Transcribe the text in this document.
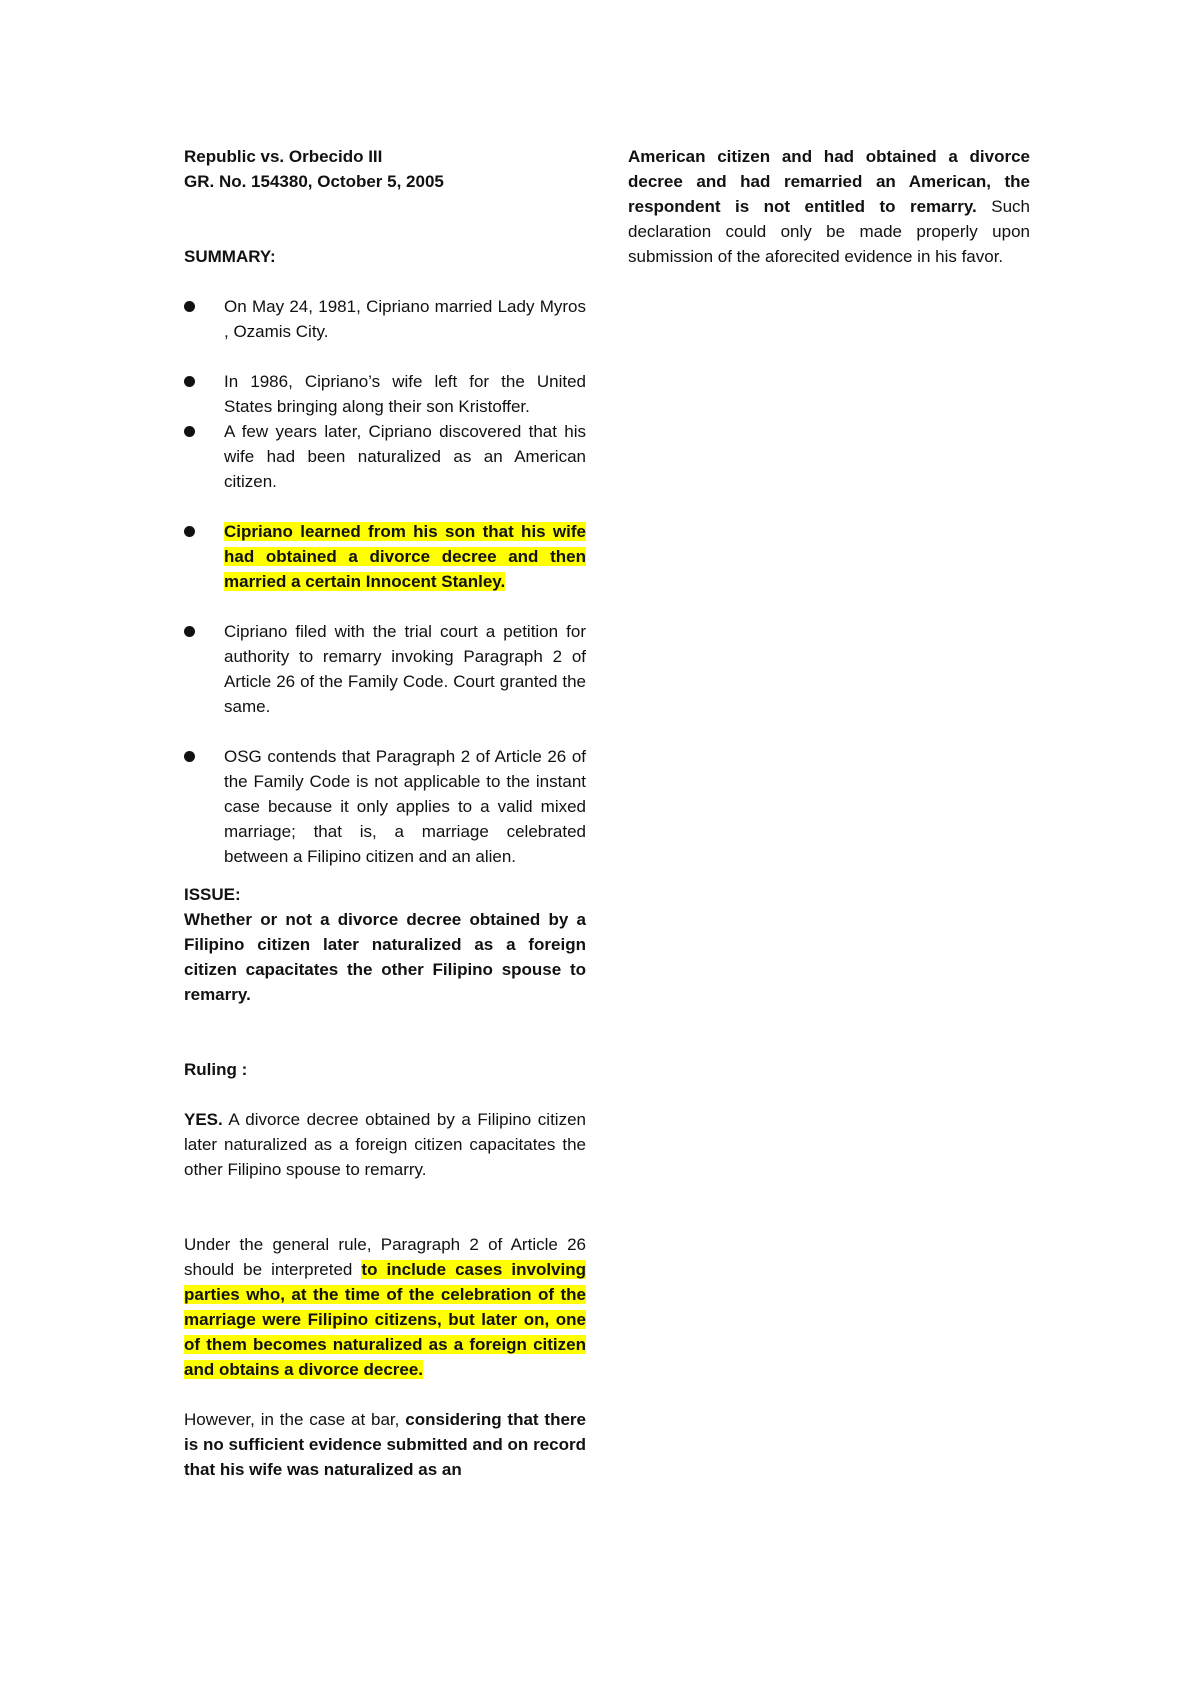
Republic vs. Orbecido III

GR. No. 154380, October 5, 2005

SUMMARY:

On May 24, 1981, Cipriano married Lady Myros , Ozamis City.
In 1986, Cipriano’s wife left for the United States bringing along their son Kristoffer.
A few years later, Cipriano discovered that his wife had been naturalized as an American citizen.
Cipriano learned from his son that his wife had obtained a divorce decree and then married a certain Innocent Stanley.
Cipriano filed with the trial court a petition for authority to remarry invoking Paragraph 2 of Article 26 of the Family Code. Court granted the same.
OSG contends that Paragraph 2 of Article 26 of the Family Code is not applicable to the instant case because it only applies to a valid mixed marriage; that is, a marriage celebrated between a Filipino citizen and an alien.

ISSUE:

Whether or not a divorce decree obtained by a Filipino citizen later naturalized as a foreign citizen capacitates the other Filipino spouse to remarry.

Ruling :

YES. A divorce decree obtained by a Filipino citizen later naturalized as a foreign citizen capacitates the other Filipino spouse to remarry.

Under the general rule, Paragraph 2 of Article 26 should be interpreted to include cases involving parties who, at the time of the celebration of the marriage were Filipino citizens, but later on, one of them becomes naturalized as a foreign citizen and obtains a divorce decree.

However, in the case at bar, considering that there is no sufficient evidence submitted and on record that his wife was naturalized as an

American citizen and had obtained a divorce decree and had remarried an American, the respondent is not entitled to remarry. Such declaration could only be made properly upon submission of the aforecited evidence in his favor.
